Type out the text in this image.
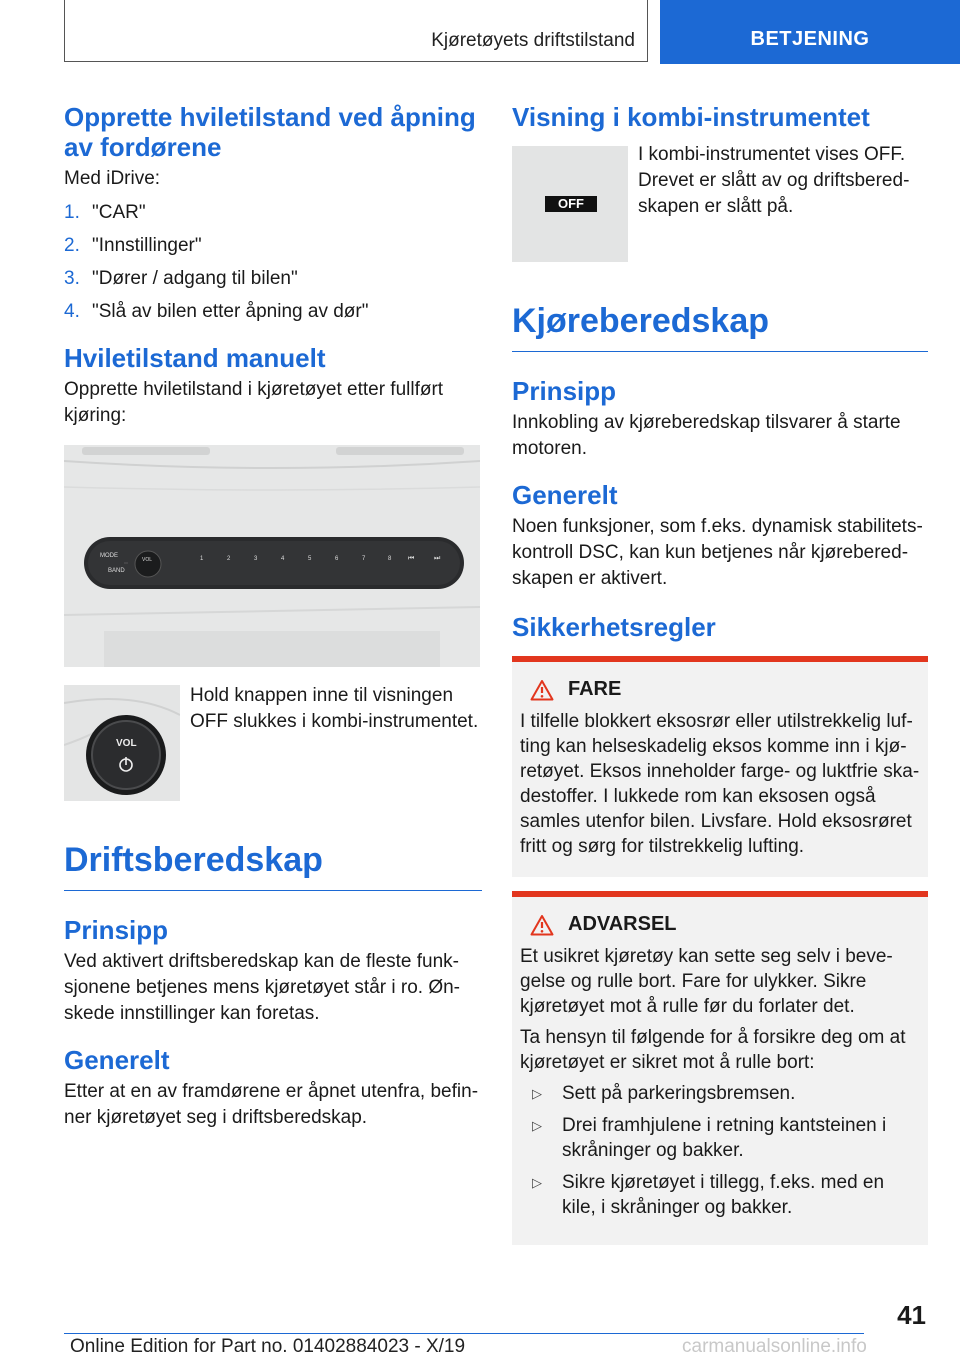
Kjøretøyets driftstilstand	BETJENING
Opprette hviletilstand ved åpning av fordørene

Med iDrive:

1. "CAR"
2. "Innstillinger"
3. "Dører / adgang til bilen"
4. "Slå av bilen etter åpning av dør"
Hviletilstand manuelt

Opprette hviletilstand i kjøretøyet etter fullført kjøring:

MODE
BAND
VOL	1	2	3	4	5	6	7	8 ⏮	⏭
VOL

Hold knappen inne til visningen OFF slukkes i kombi-instrumentet.

Driftsberedskap
Prinsipp

Ved aktivert driftsberedskap kan de fleste funksjonene betjenes mens kjøretøyet står i ro. Ønskede innstillinger kan foretas.

Generelt

Etter at en av framdørene er åpnet utenfra, befinner kjøretøyet seg i driftsberedskap.

Visning i kombi-instrumentet
OFF

I kombi-instrumentet vises OFF. Drevet er slått av og driftsberedskapen er slått på.

Kjøreberedskap
Prinsipp

Innkobling av kjøreberedskap tilsvarer å starte motoren.

Generelt

Noen funksjoner, som f.eks. dynamisk stabilitetskontroll DSC, kan kun betjenes når kjøreberedskapen er aktivert.

Sikkerhetsregler
FARE

I tilfelle blokkert eksosrør eller utilstrekkelig lufting kan helseskadelig eksos komme inn i kjøretøyet. Eksos inneholder farge- og luktfrie skadestoffer. I lukkede rom kan eksosen også samles utenfor bilen. Livsfare. Hold eksosrøret fritt og sørg for tilstrekkelig lufting.

ADVARSEL

Et usikret kjøretøy kan sette seg selv i bevegelse og rulle bort. Fare for ulykker. Sikre kjøretøyet mot å rulle før du forlater det.

Ta hensyn til følgende for å forsikre deg om at kjøretøyet er sikret mot å rulle bort:

▷	Sett på parkeringsbremsen.
▷	Drei framhjulene i retning kantsteinen i skråninger og bakker.
▷	Sikre kjøretøyet i tillegg, f.eks. med en kile, i skråninger og bakker.
41
Online Edition for Part no. 01402884023 - X/19	carmanualsonline.info
